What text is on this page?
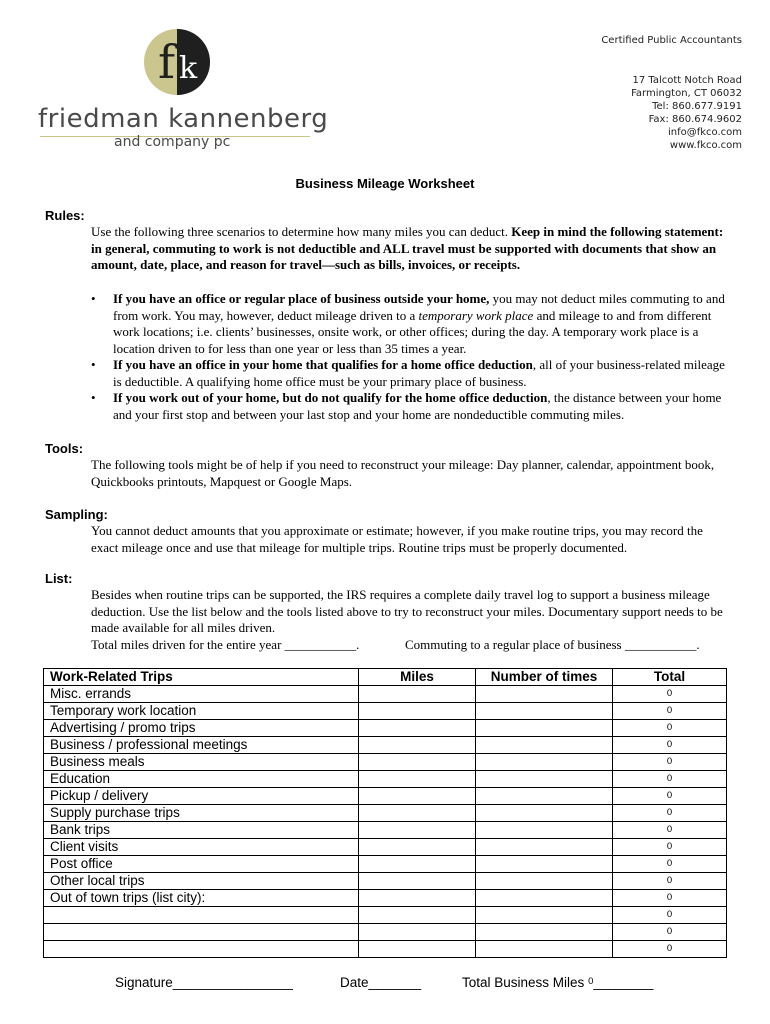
f k
friedman kannenberg
and company pc
Certified Public Accountants
17 Talcott Notch Road
Farmington, CT 06032
Tel: 860.677.9191
Fax: 860.674.9602
info@fkco.com
www.fkco.com
Business Mileage Worksheet
Rules:
Use the following three scenarios to determine how many miles you can deduct. Keep in mind the following statement: in general, commuting to work is not deductible and ALL travel must be supported with documents that show an amount, date, place, and reason for travel—such as bills, invoices, or receipts.
• If you have an office or regular place of business outside your home, you may not deduct miles commuting to and from work. You may, however, deduct mileage driven to a temporary work place and mileage to and from different work locations; i.e. clients’ businesses, onsite work, or other offices; during the day. A temporary work place is a location driven to for less than one year or less than 35 times a year.
• If you have an office in your home that qualifies for a home office deduction, all of your business-related mileage is deductible. A qualifying home office must be your primary place of business.
• If you work out of your home, but do not qualify for the home office deduction, the distance between your home and your first stop and between your last stop and your home are nondeductible commuting miles.
Tools:
The following tools might be of help if you need to reconstruct your mileage: Day planner, calendar, appointment book, Quickbooks printouts, Mapquest or Google Maps.
Sampling:
You cannot deduct amounts that you approximate or estimate; however, if you make routine trips, you may record the exact mileage once and use that mileage for multiple trips. Routine trips must be properly documented.
List:
Besides when routine trips can be supported, the IRS requires a complete daily travel log to support a business mileage deduction. Use the list below and the tools listed above to try to reconstruct your miles. Documentary support needs to be made available for all miles driven.
Total miles driven for the entire year ___________.	Commuting to a regular place of business ___________.
Work-Related Trips	Miles	Number of times	Total
Misc. errands			0
Temporary work location			0
Advertising / promo trips			0
Business / professional meetings			0
Business meals			0
Education			0
Pickup / delivery			0
Supply purchase trips			0
Bank trips			0
Client visits			0
Post office			0
Other local trips			0
Out of town trips (list city):			0
			0
			0
			0
Signature________________	Date_______	Total Business Miles $^0$________
